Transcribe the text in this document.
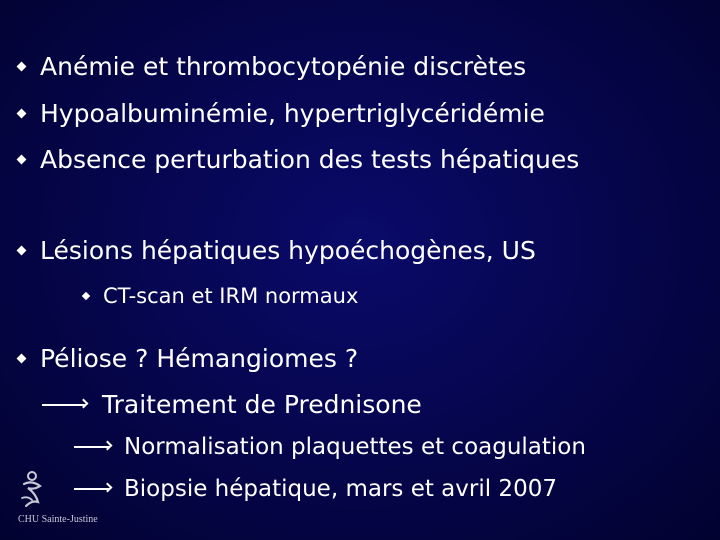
Anémie et thrombocytopénie discrètes
Hypoalbuminémie, hypertriglycéridémie
Absence perturbation des tests hépatiques
Lésions hépatiques hypoéchogènes, US
CT-scan et IRM normaux
Péliose ? Hémangiomes ?
Traitement de Prednisone
Normalisation plaquettes et coagulation
Biopsie hépatique, mars et avril 2007
CHU Sainte-Justine
